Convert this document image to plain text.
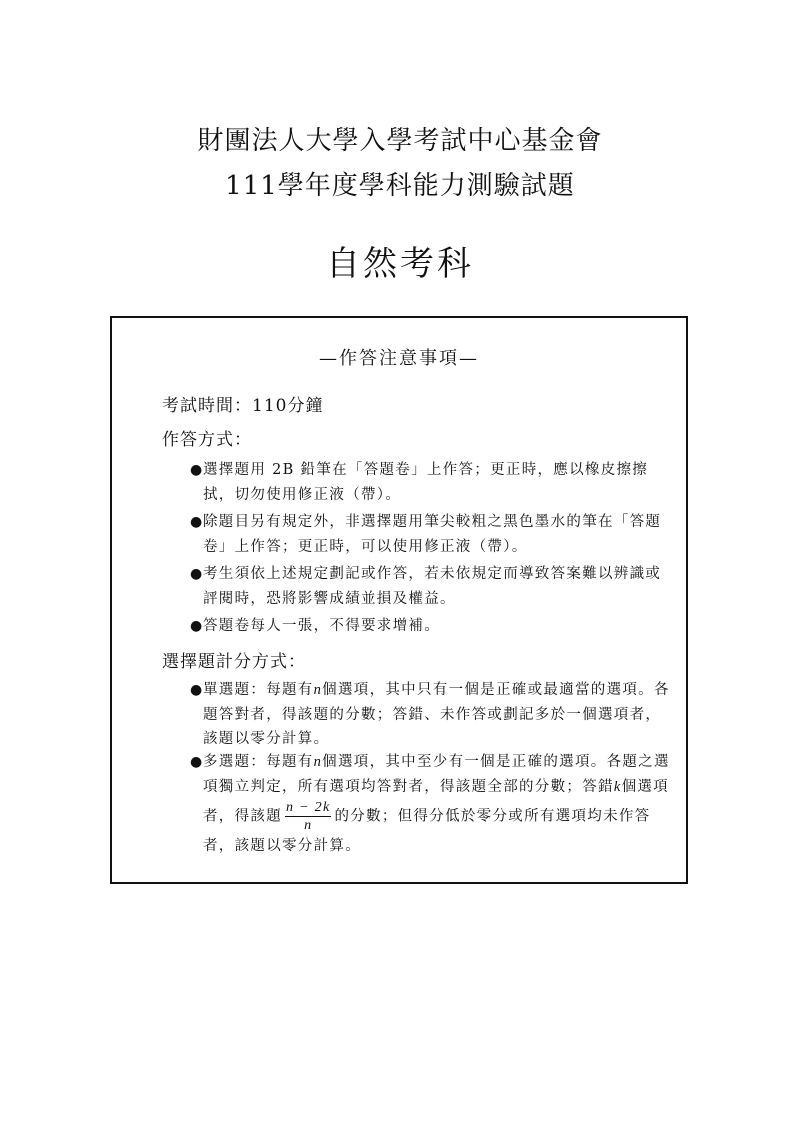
財團法人大學入學考試中心基金會
111學年度學科能力測驗試題
自然考科
—作答注意事項—
考試時間：110分鐘
作答方式：
● 選擇題用 2B 鉛筆在「答題卷」上作答；更正時，應以橡皮擦擦拭，切勿使用修正液（帶）。
● 除題目另有規定外，非選擇題用筆尖較粗之黑色墨水的筆在「答題卷」上作答；更正時，可以使用修正液（帶）。
● 考生須依上述規定劃記或作答，若未依規定而導致答案難以辨識或評閱時，恐將影響成績並損及權益。
● 答題卷每人一張，不得要求增補。
選擇題計分方式：
● 單選題：每題有n個選項，其中只有一個是正確或最適當的選項。各題答對者，得該題的分數；答錯、未作答或劃記多於一個選項者，該題以零分計算。
● 多選題：每題有n個選項，其中至少有一個是正確的選項。各題之選項獨立判定，所有選項均答對者，得該題全部的分數；答錯k個選項者，得該題 $\frac{n - 2k}{n}$ 的分數；但得分低於零分或所有選項均未作答者，該題以零分計算。
